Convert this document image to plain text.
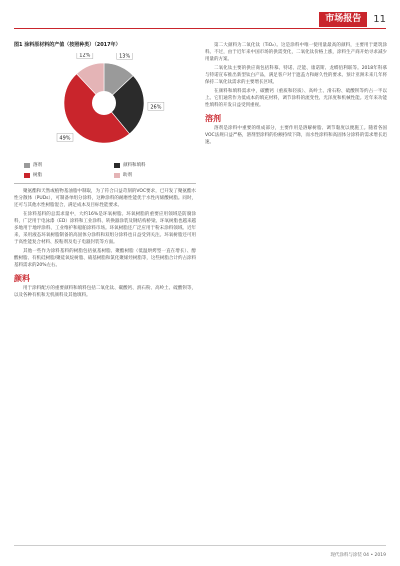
市场报告	11
图1 涂料原材料的产值（按照种类）（2017年）
13%
26%
49%
12%
溶剂	颜料和填料
树脂	助剂

聚氨酯和天然或植物基油脂中制取，为了符合日益苛刻的VOC要求，已开发了聚氨酯水性分散体（PUDs），可制备单组分涂料，这种涂料的耐磨性能优于水性丙烯酸树脂。同时，还可与其他水性树脂混合，满足成本及目标性能要求。

在涂料基料的总需求量中，大约16%是环氧树脂。环氧树脂的重要应用领域是防腐涂料，广泛用于电泳漆（ED）涂料和工业涂料、转换器涂装及钢结构桥梁。环氧树脂也越来越多地用于地坪涂料、工业维护和船舶涂料市场。环氧树脂还广泛应用于粉末涂料领域。近年来，采用液态环氧树脂制备的高固体分涂料和双组分涂料也日益受到关注。环氧树脂还可用于高性能复合材料、胶粘剂及电子电器封装等方面。

其他一些作为涂料基料的树脂包括氨基树脂、聚酯树脂（低温烘烤型一直在增长）、醇酸树脂、有机硅树脂/聚硅氧烷树脂、硝基树脂和氯化聚烯烃树脂等，这些树脂合计约占涂料基料需求的20%左右。

颜料

用于涂料配方的重要颜料和填料包括二氧化钛、碳酸钙、滑石粉、高岭土、硫酸钡等，以及各种有机和无机颜料及其他填料。

第二大颜料为二氧化钛（TiO₂）。这是涂料中唯一使用量最高的颜料，主要用于建筑涂料。不过，由于近年来中国市场的供需变化，二氧化钛价格上涨，涂料生产商开始寻求减少用量的方案。

二氧化钛主要的供应商包括科慕、特诺、泛能、康诺斯、龙蟒佰利联等。2018年科慕与特诺宣布推出新型钛白产品，满足客户对于遮盖力和耐久性的要求。预计亚洲未来几年将保持二氧化钛需求的主要增长区域。

在颜料和填料需求中，碳酸钙（重质和轻质）、高岭土、滑石粉、硫酸钡等约占一半以上。它们通常作为低成本的填充材料，调节涂料的流变性、光泽度和机械性能。近年来功能性填料的开发日益受到重视。

溶剂

溶剂是涂料中重要的组成部分，主要作用是溶解树脂、调节黏度以便施工。随着各国VOC法规日益严格，溶剂型涂料的份额持续下降，而水性涂料和高固体分涂料的需求增长迅速。

现代涂料与涂装 04 • 2019
